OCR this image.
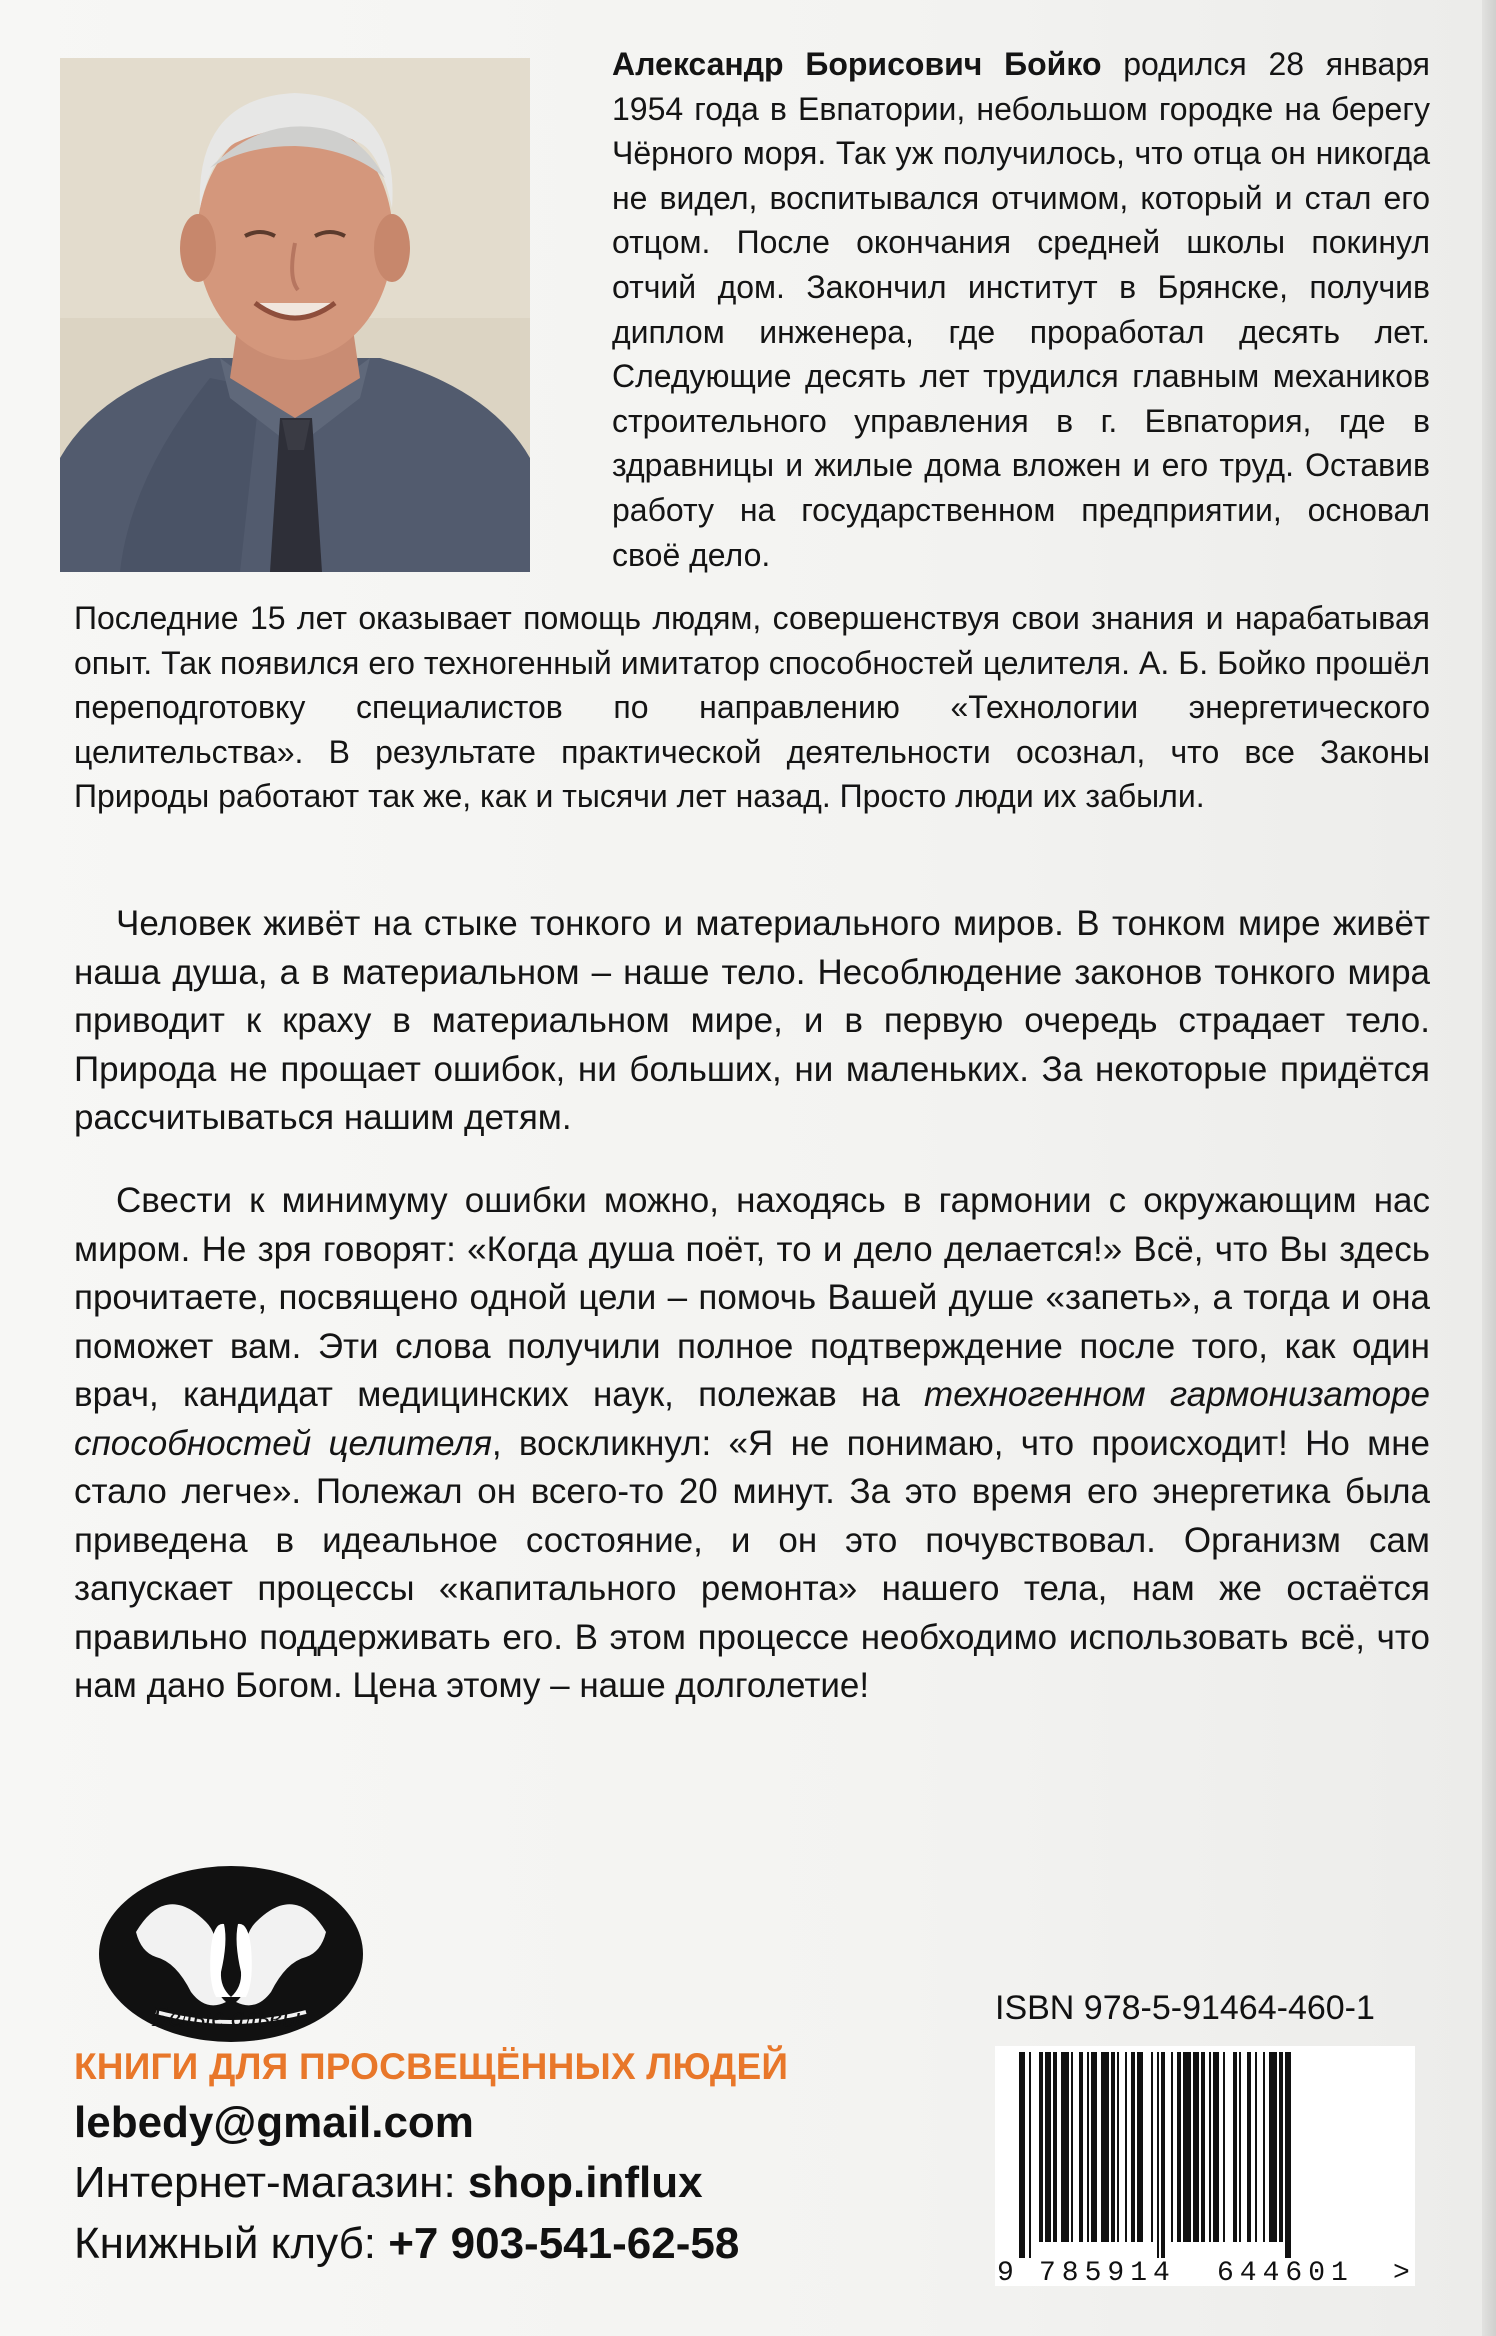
Александр Борисович Бойко родился 28 января 1954 года в Евпатории, небольшом городке на берегу Чёрного моря. Так уж получилось, что отца он никогда не видел, воспитывался отчимом, который и стал его отцом. После окончания средней школы покинул отчий дом. Закончил институт в Брянске, получив диплом инженера, где проработал десять лет. Следующие десять лет трудился главным механиков строительного управления в г. Евпатория, где в здравницы и жилые дома вложен и его труд. Оставив работу на государственном предприятии, основал своё дело.

Последние 15 лет оказывает помощь людям, совершенствуя свои знания и нарабатывая опыт. Так появился его техногенный имитатор способностей целителя. А. Б. Бойко прошёл переподготовку специалистов по направлению «Технологии энергетического целительства». В результате практической деятельности осознал, что все Законы Природы работают так же, как и тысячи лет назад. Просто люди их забыли.

Человек живёт на стыке тонкого и материального миров. В тонком мире живёт наша душа, а в материальном – наше тело. Несоблюдение законов тонкого мира приводит к краху в материальном мире, и в первую очередь страдает тело. Природа не прощает ошибок, ни больших, ни маленьких. За некоторые придётся рассчитываться нашим детям.

Свести к минимуму ошибки можно, находясь в гармонии с окружающим нас миром. Не зря говорят: «Когда душа поёт, то и дело делается!» Всё, что Вы здесь прочитаете, посвящено одной цели – помочь Вашей душе «запеть», а тогда и она поможет вам. Эти слова получили полное подтверждение после того, как один врач, кандидат медицинских наук, полежав на техногенном гармонизаторе способностей целителя, воскликнул: «Я не понимаю, что происходит! Но мне стало легче». Полежал он всего-то 20 минут. За это время его энергетика была приведена в идеальное состояние, и он это почувствовал. Организм сам запускает процессы «капитального ремонта» нашего тела, нам же остаётся правильно поддерживать его. В этом процессе необходимо использовать всё, что нам дано Богом. Цена этому – наше долголетие!

Белые альвы
КНИГИ ДЛЯ ПРОСВЕЩЁННЫХ ЛЮДЕЙ
lebedy@gmail.com
Интернет-магазин: shop.influx
Книжный клуб: +7 903-541-62-58
ISBN 978-5-91464-460-1
9 785914 644601 >
